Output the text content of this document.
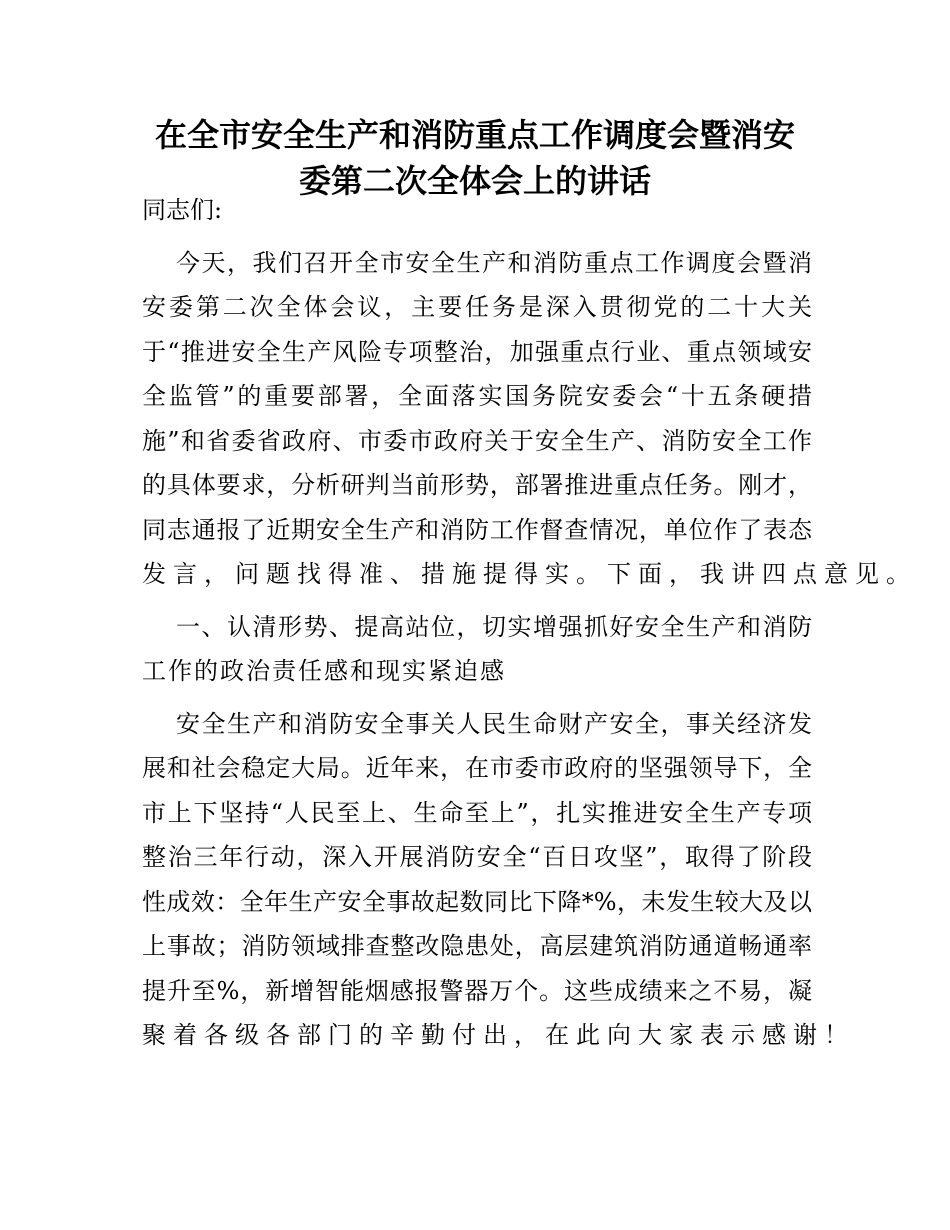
在全市安全生产和消防重点工作调度会暨消安
委第二次全体会上的讲话
同志们:
今天，我们召开全市安全生产和消防重点工作调度会暨消
安委第二次全体会议，主要任务是深入贯彻党的二十大关
于“推进安全生产风险专项整治，加强重点行业、重点领域安
全监管”的重要部署，全面落实国务院安委会“十五条硬措
施”和省委省政府、市委市政府关于安全生产、消防安全工作
的具体要求，分析研判当前形势，部署推进重点任务。刚才，
同志通报了近期安全生产和消防工作督查情况，单位作了表态
发言，问题找得准、措施提得实。下面，我讲四点意见。
一、认清形势、提高站位，切实增强抓好安全生产和消防
工作的政治责任感和现实紧迫感
安全生产和消防安全事关人民生命财产安全，事关经济发
展和社会稳定大局。近年来，在市委市政府的坚强领导下，全
市上下坚持“人民至上、生命至上”，扎实推进安全生产专项
整治三年行动，深入开展消防安全“百日攻坚”，取得了阶段
性成效：全年生产安全事故起数同比下降*%，未发生较大及以
上事故；消防领域排查整改隐患处，高层建筑消防通道畅通率
提升至%，新增智能烟感报警器万个。这些成绩来之不易，凝
聚着各级各部门的辛勤付出，在此向大家表示感谢！
